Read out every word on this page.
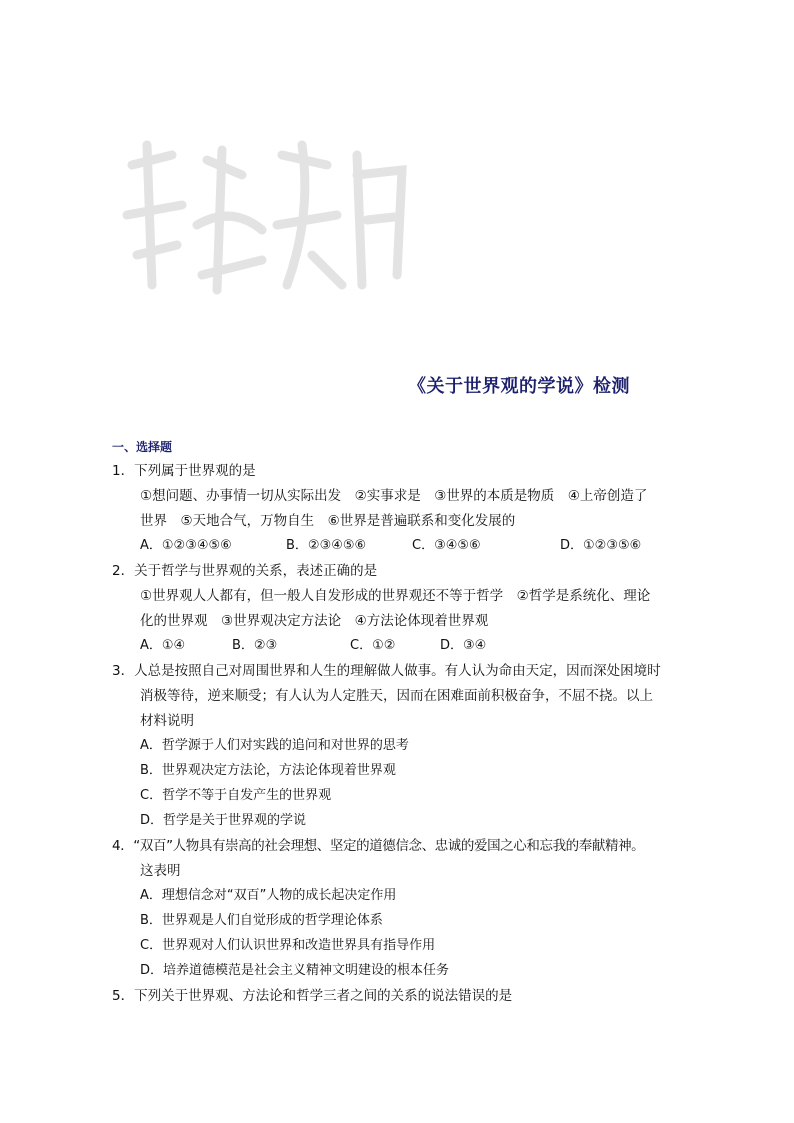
《关于世界观的学说》检测
一、选择题
1．下列属于世界观的是
①想问题、办事情一切从实际出发　②实事求是　③世界的本质是物质　④上帝创造了
世界　⑤天地合气，万物自生　⑥世界是普遍联系和变化发展的
A．①②③④⑤⑥	B．②③④⑤⑥	C．③④⑤⑥	D．①②③⑤⑥
2．关于哲学与世界观的关系，表述正确的是
①世界观人人都有，但一般人自发形成的世界观还不等于哲学　②哲学是系统化、理论
化的世界观　③世界观决定方法论　④方法论体现着世界观
A．①④	B．②③	C．①②	D．③④
3．人总是按照自己对周围世界和人生的理解做人做事。有人认为命由天定，因而深处困境时
消极等待，逆来顺受；有人认为人定胜天，因而在困难面前积极奋争，不屈不挠。以上
材料说明
A．哲学源于人们对实践的追问和对世界的思考
B．世界观决定方法论，方法论体现着世界观
C．哲学不等于自发产生的世界观
D．哲学是关于世界观的学说
4．“双百”人物具有崇高的社会理想、坚定的道德信念、忠诚的爱国之心和忘我的奉献精神。
这表明
A．理想信念对“双百”人物的成长起决定作用
B．世界观是人们自觉形成的哲学理论体系
C．世界观对人们认识世界和改造世界具有指导作用
D．培养道德模范是社会主义精神文明建设的根本任务
5．下列关于世界观、方法论和哲学三者之间的关系的说法错误的是
